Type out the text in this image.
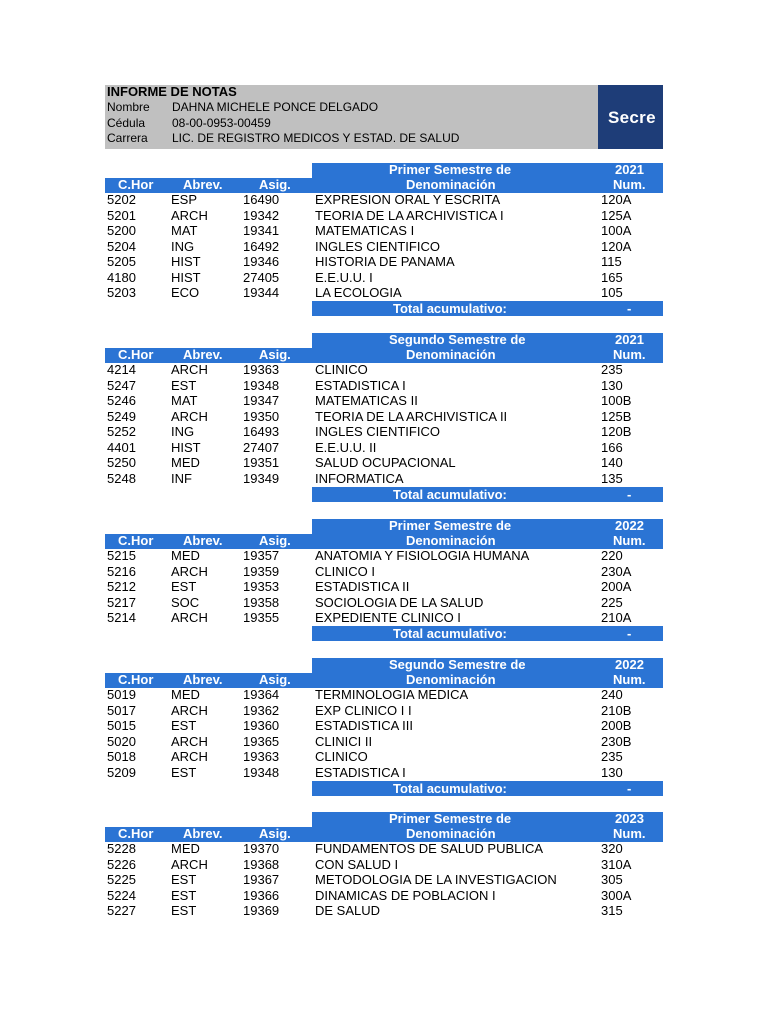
INFORME DE NOTAS
Nombre DAHNA MICHELE PONCE DELGADO
Cédula 08-00-0953-00459
Carrera LIC. DE REGISTRO MEDICOS Y ESTAD. DE SALUD
Secre
Primer Semestre de	2021
C.Hor Abrev.	Asig.	Denominación	Num.
5202	ESP	16490	EXPRESION ORAL Y ESCRITA	120A
5201	ARCH	19342	TEORIA DE LA ARCHIVISTICA I	125A
5200	MAT	19341	MATEMATICAS I	100A
5204	ING	16492	INGLES CIENTIFICO	120A
5205	HIST	19346	HISTORIA DE PANAMA	115
4180	HIST	27405	E.E.U.U. I	165
5203	ECO	19344	LA ECOLOGIA	105
Total acumulativo:	-
Segundo Semestre de	2021
C.Hor Abrev.	Asig.	Denominación	Num.
4214	ARCH	19363	CLINICO	235
5247	EST	19348	ESTADISTICA I	130
5246	MAT	19347	MATEMATICAS II	100B
5249	ARCH	19350	TEORIA DE LA ARCHIVISTICA II	125B
5252	ING	16493	INGLES CIENTIFICO	120B
4401	HIST	27407	E.E.U.U. II	166
5250	MED	19351	SALUD OCUPACIONAL	140
5248	INF	19349	INFORMATICA	135
Total acumulativo:	-
Primer Semestre de	2022
C.Hor Abrev.	Asig.	Denominación	Num.
5215	MED	19357	ANATOMIA Y FISIOLOGIA HUMANA	220
5216	ARCH	19359	CLINICO I	230A
5212	EST	19353	ESTADISTICA II	200A
5217	SOC	19358	SOCIOLOGIA DE LA SALUD	225
5214	ARCH	19355	EXPEDIENTE CLINICO I	210A
Total acumulativo:	-
Segundo Semestre de	2022
C.Hor Abrev.	Asig.	Denominación	Num.
5019	MED	19364	TERMINOLOGIA MEDICA	240
5017	ARCH	19362	EXP CLINICO I I	210B
5015	EST	19360	ESTADISTICA III	200B
5020	ARCH	19365	CLINICI II	230B
5018	ARCH	19363	CLINICO	235
5209	EST	19348	ESTADISTICA I	130
Total acumulativo:	-
Primer Semestre de	2023
C.Hor Abrev.	Asig.	Denominación	Num.
5228	MED	19370	FUNDAMENTOS DE SALUD PUBLICA	320
5226	ARCH	19368	CON SALUD I	310A
5225	EST	19367	METODOLOGIA DE LA INVESTIGACION	305
5224	EST	19366	DINAMICAS DE POBLACION I	300A
5227	EST	19369	DE SALUD	315
